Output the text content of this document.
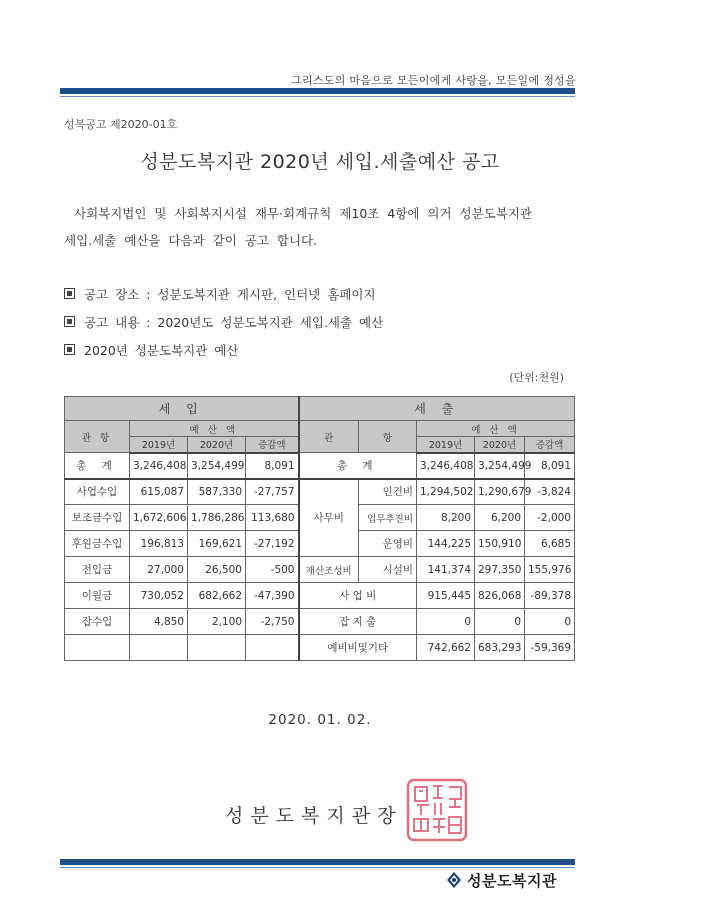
그리스도의 마음으로 모든이에게 사랑을, 모든일에 정성을
성복공고 제2020-01호
성분도복지관 2020년 세입.세출예산 공고
사회복지법인 및 사회복지시설 재무·회계규칙 제10조 4항에 의거 성분도복지관
세입.세출 예산을 다음과 같이 공고 합니다.
공고 장소 : 성분도복지관 게시판, 인터넷 홈페이지
공고 내용 : 2020년도 성분도복지관 세입.세출 예산
2020년 성분도복지관 예산
(단위:천원)
세 입				세 출				
관 항	예 산 액			관	항	예 산 액		
	2019년	2020년	증감액			2019년	2020년	증감액
총 계	3,246,408	3,254,499	8,091	총 계		3,246,408	3,254,499	8,091
사업수입	615,087	587,330	-27,757	사무비	인건비	1,294,502	1,290,679	-3,824
보조금수입	1,672,606	1,786,286	113,680		업무추진비	8,200	6,200	-2,000
후원금수입	196,813	169,621	-27,192		운영비	144,225	150,910	6,685
전입금	27,000	26,500	-500	재산조성비	시설비	141,374	297,350	155,976
이월금	730,052	682,662	-47,390	사 업 비		915,445	826,068	-89,378
잡수입	4,850	2,100	-2,750	잡 지 출		0	0	0
				예비비및기타		742,662	683,293	-59,369
2020. 01. 02.
성분도복지관장
성분도복지관
